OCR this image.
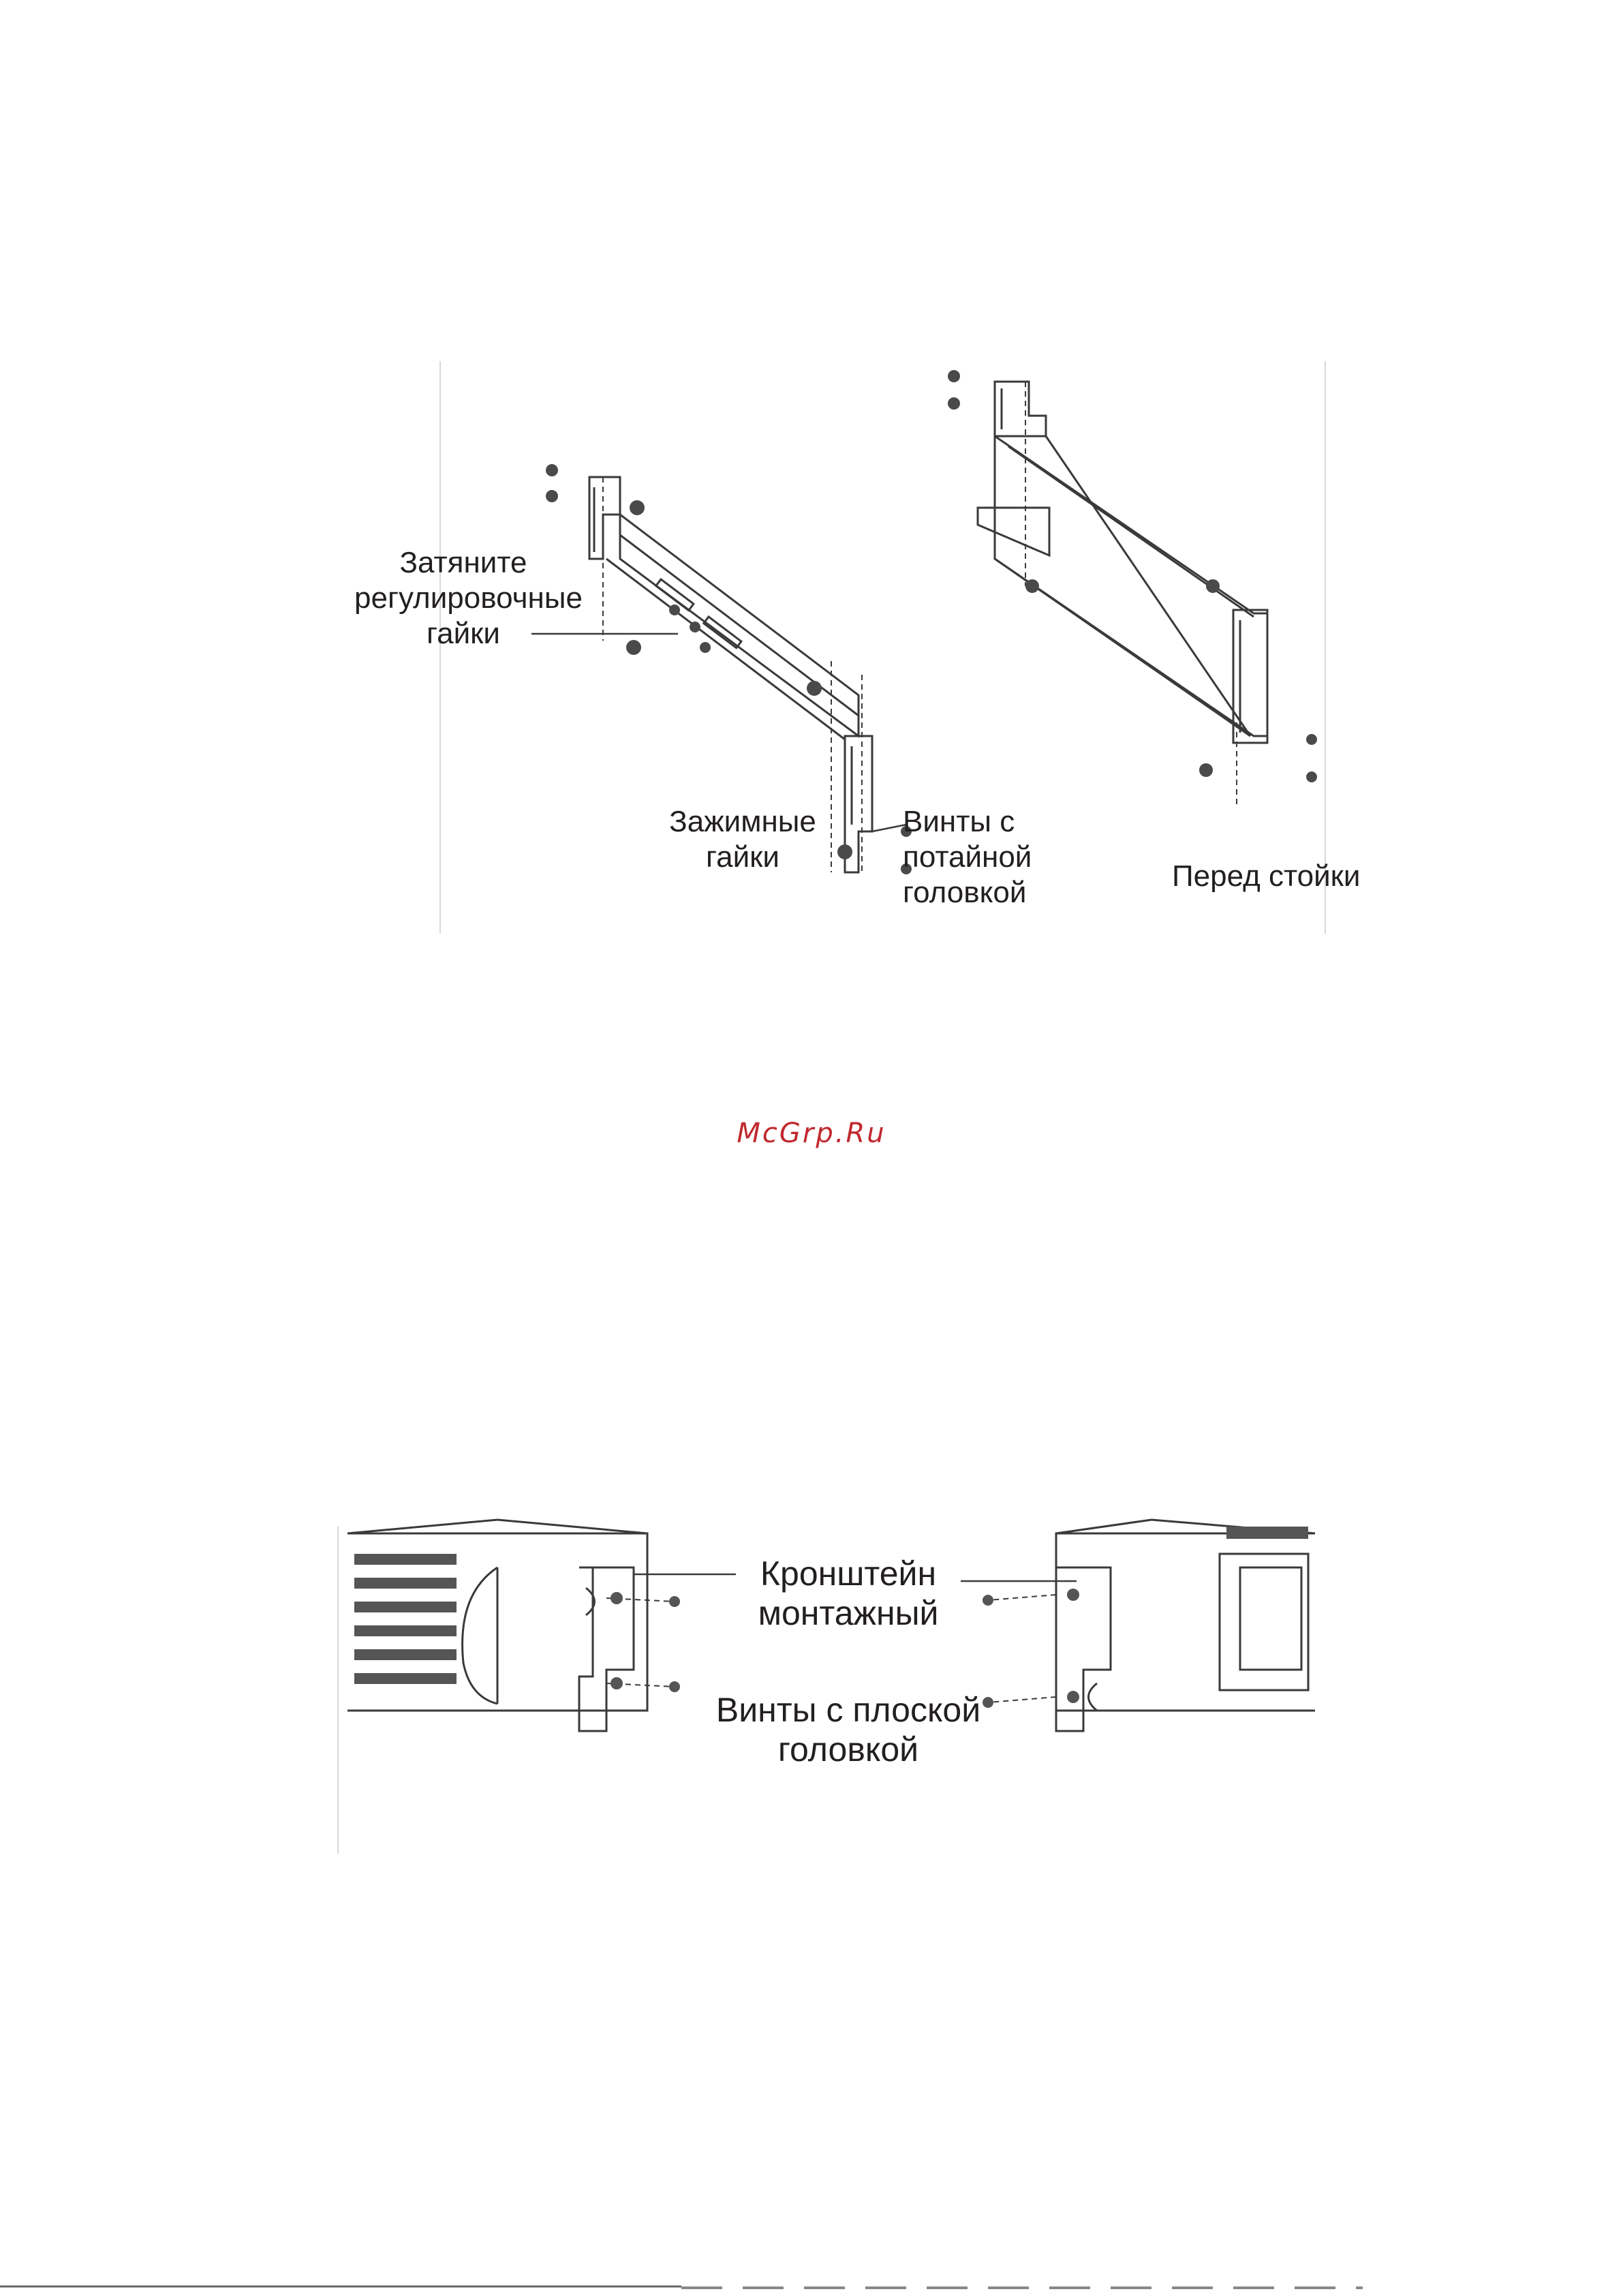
Затяните
регулировочные
гайки
Зажимные
гайки
Винты с
потайной
головкой	Перед стойки
McGrp.Ru
Кронштейн
монтажный
Винты с плоской
головкой
